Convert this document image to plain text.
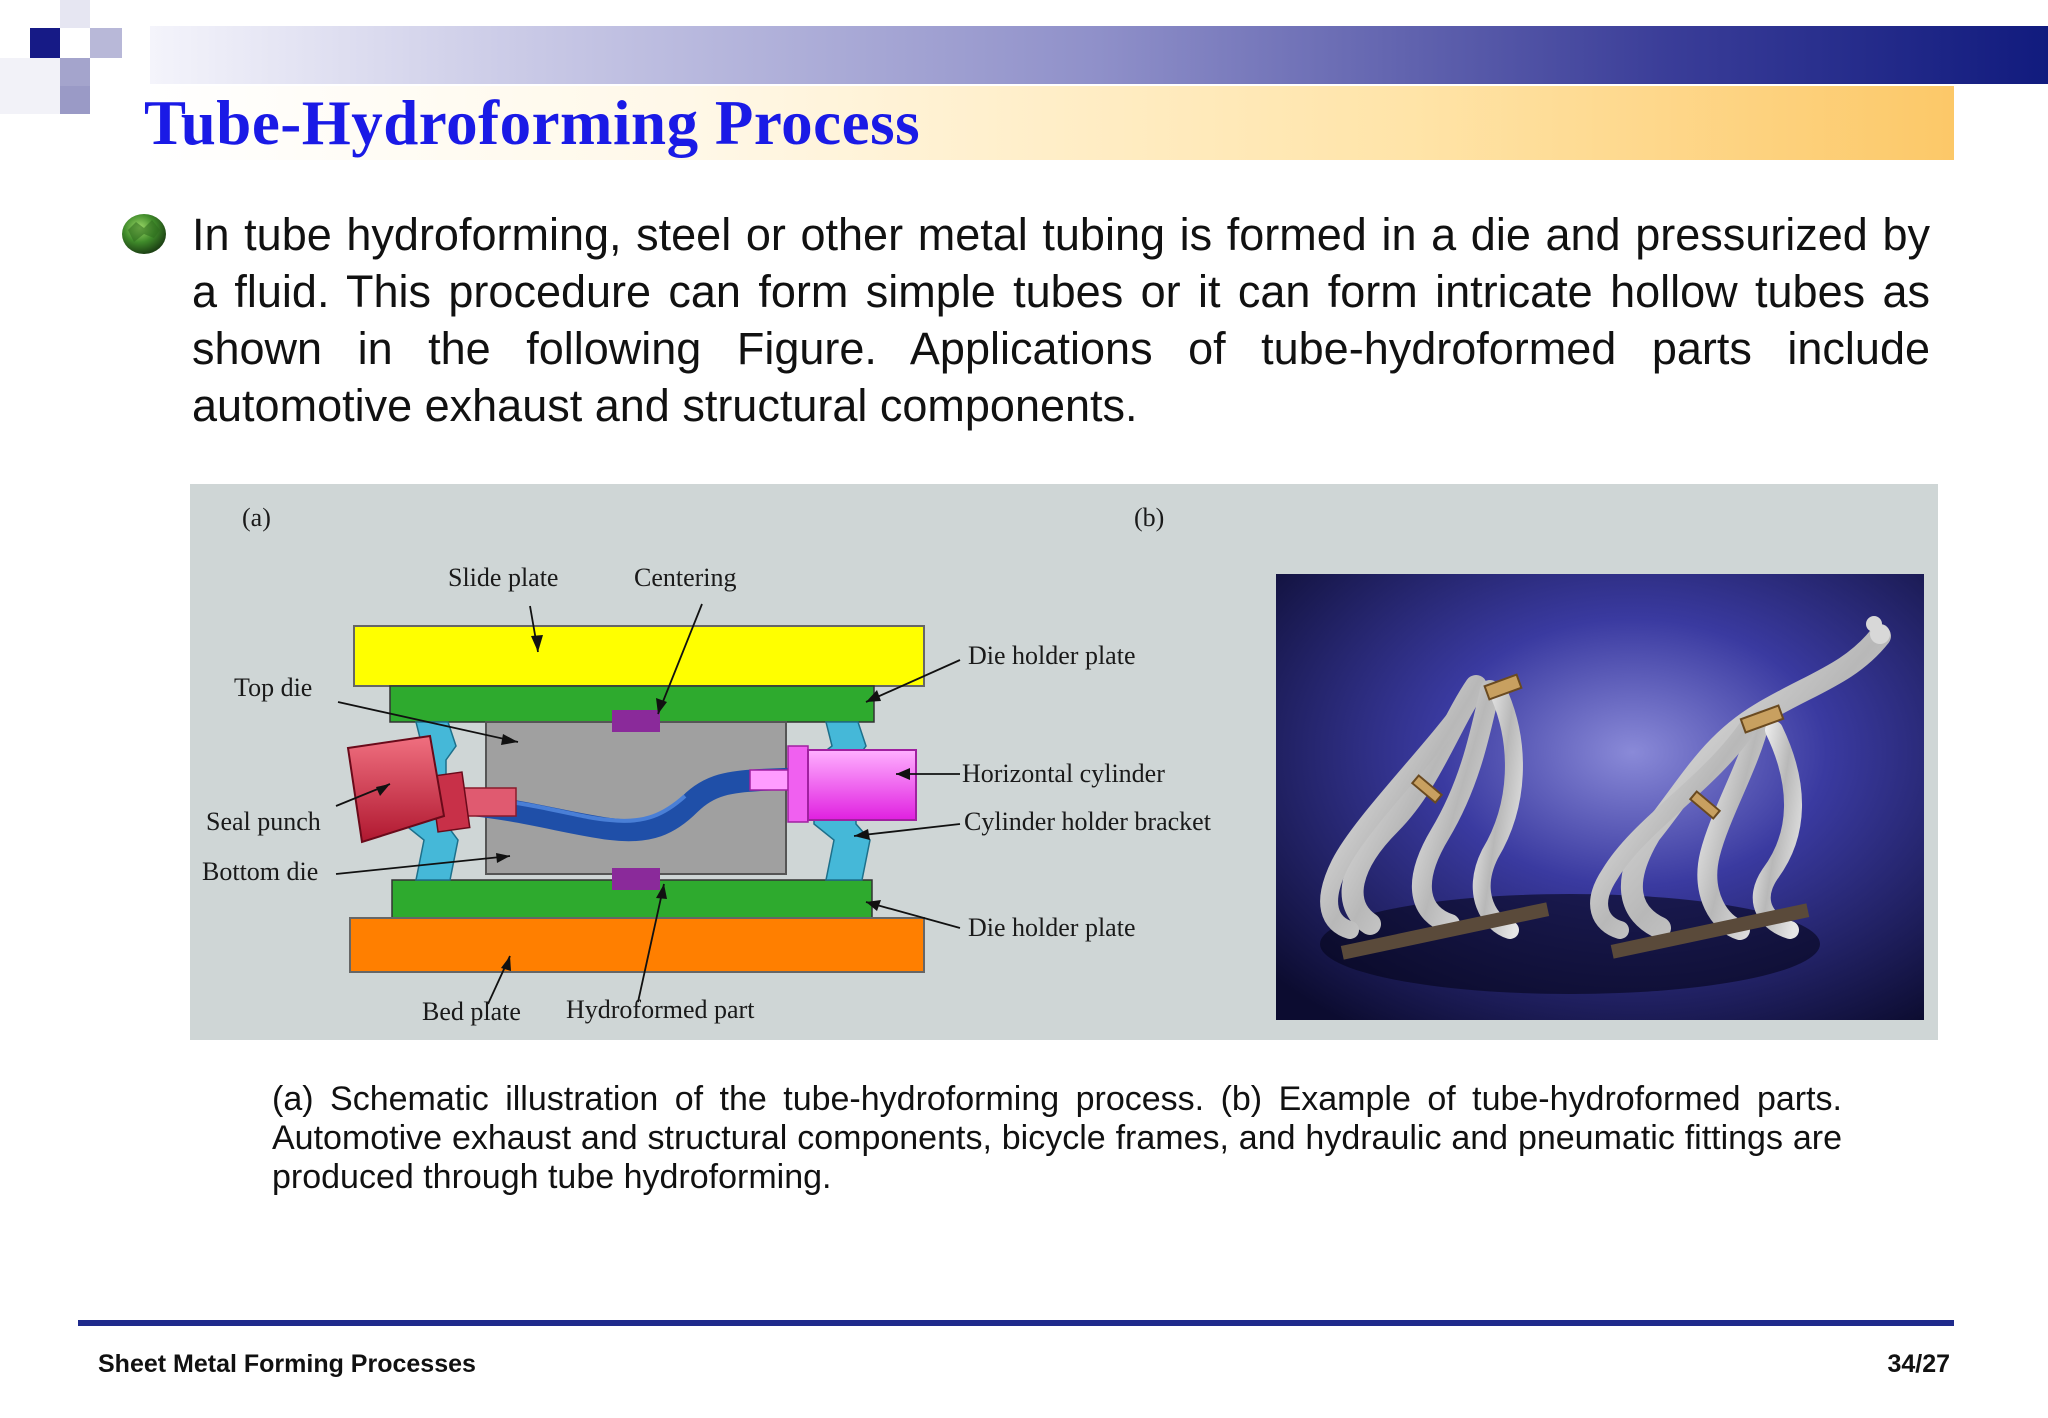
Tube-Hydroforming Process
In tube hydroforming, steel or other metal tubing is formed in a die and pressurized by a fluid. This procedure can form simple tubes or it can form intricate hollow tubes as shown in the following Figure. Applications of tube-hydroformed parts include automotive exhaust and structural components.
(a)	(b)
Slide plate	Centering
Die holder plate
Top die
Horizontal cylinder
Seal punch	Cylinder holder bracket
Bottom die
Die holder plate
Bed plate Hydroformed part
(a) Schematic illustration of the tube-hydroforming process. (b) Example of tube-hydroformed parts. Automotive exhaust and structural components, bicycle frames, and hydraulic and pneumatic fittings are produced through tube hydroforming.
Sheet Metal Forming Processes	34/27
